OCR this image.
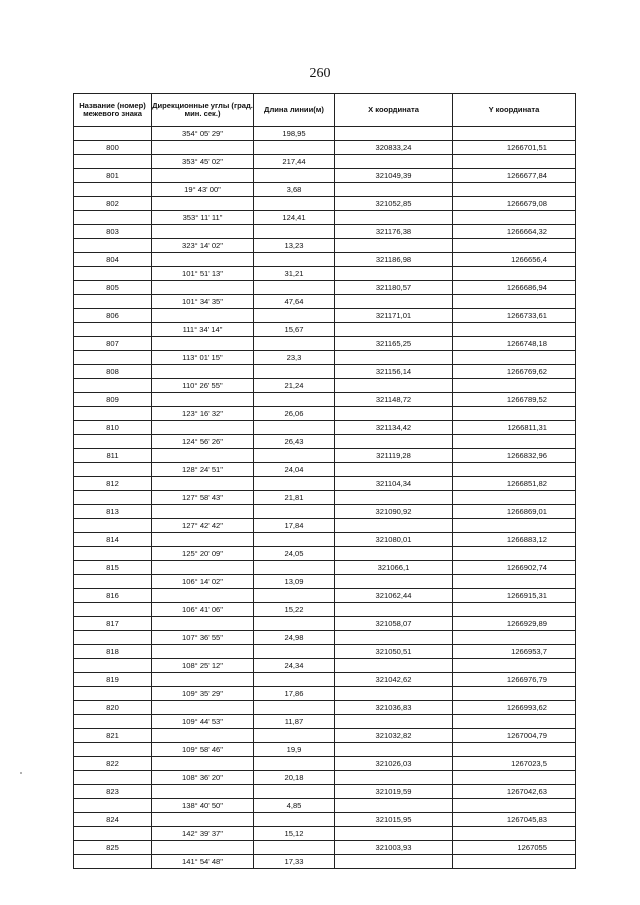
260
Название (номер) межевого знака	Дирекционные углы (град. мин. сек.)	Длина линии(м)	X координата	Y координата
	354° 05' 29"	198,95		
800			320833,24	1266701,51
	353° 45' 02"	217,44		
801			321049,39	1266677,84
	19° 43' 00"	3,68		
802			321052,85	1266679,08
	353° 11' 11"	124,41		
803			321176,38	1266664,32
	323° 14' 02"	13,23		
804			321186,98	1266656,4
	101° 51' 13"	31,21		
805			321180,57	1266686,94
	101° 34' 35"	47,64		
806			321171,01	1266733,61
	111° 34' 14"	15,67		
807			321165,25	1266748,18
	113° 01' 15"	23,3		
808			321156,14	1266769,62
	110° 26' 55"	21,24		
809			321148,72	1266789,52
	123° 16' 32"	26,06		
810			321134,42	1266811,31
	124° 56' 26"	26,43		
811			321119,28	1266832,96
	128° 24' 51"	24,04		
812			321104,34	1266851,82
	127° 58' 43"	21,81		
813			321090,92	1266869,01
	127° 42' 42"	17,84		
814			321080,01	1266883,12
	125° 20' 09"	24,05		
815			321066,1	1266902,74
	106° 14' 02"	13,09		
816			321062,44	1266915,31
	106° 41' 06"	15,22		
817			321058,07	1266929,89
	107° 36' 55"	24,98		
818			321050,51	1266953,7
	108° 25' 12"	24,34		
819			321042,62	1266976,79
	109° 35' 29"	17,86		
820			321036,83	1266993,62
	109° 44' 53"	11,87		
821			321032,82	1267004,79
	109° 58' 46"	19,9		
822			321026,03	1267023,5
	108° 36' 20"	20,18		
823			321019,59	1267042,63
	138° 40' 50"	4,85		
824			321015,95	1267045,83
	142° 39' 37"	15,12		
825			321003,93	1267055
	141° 54' 48"	17,33		
